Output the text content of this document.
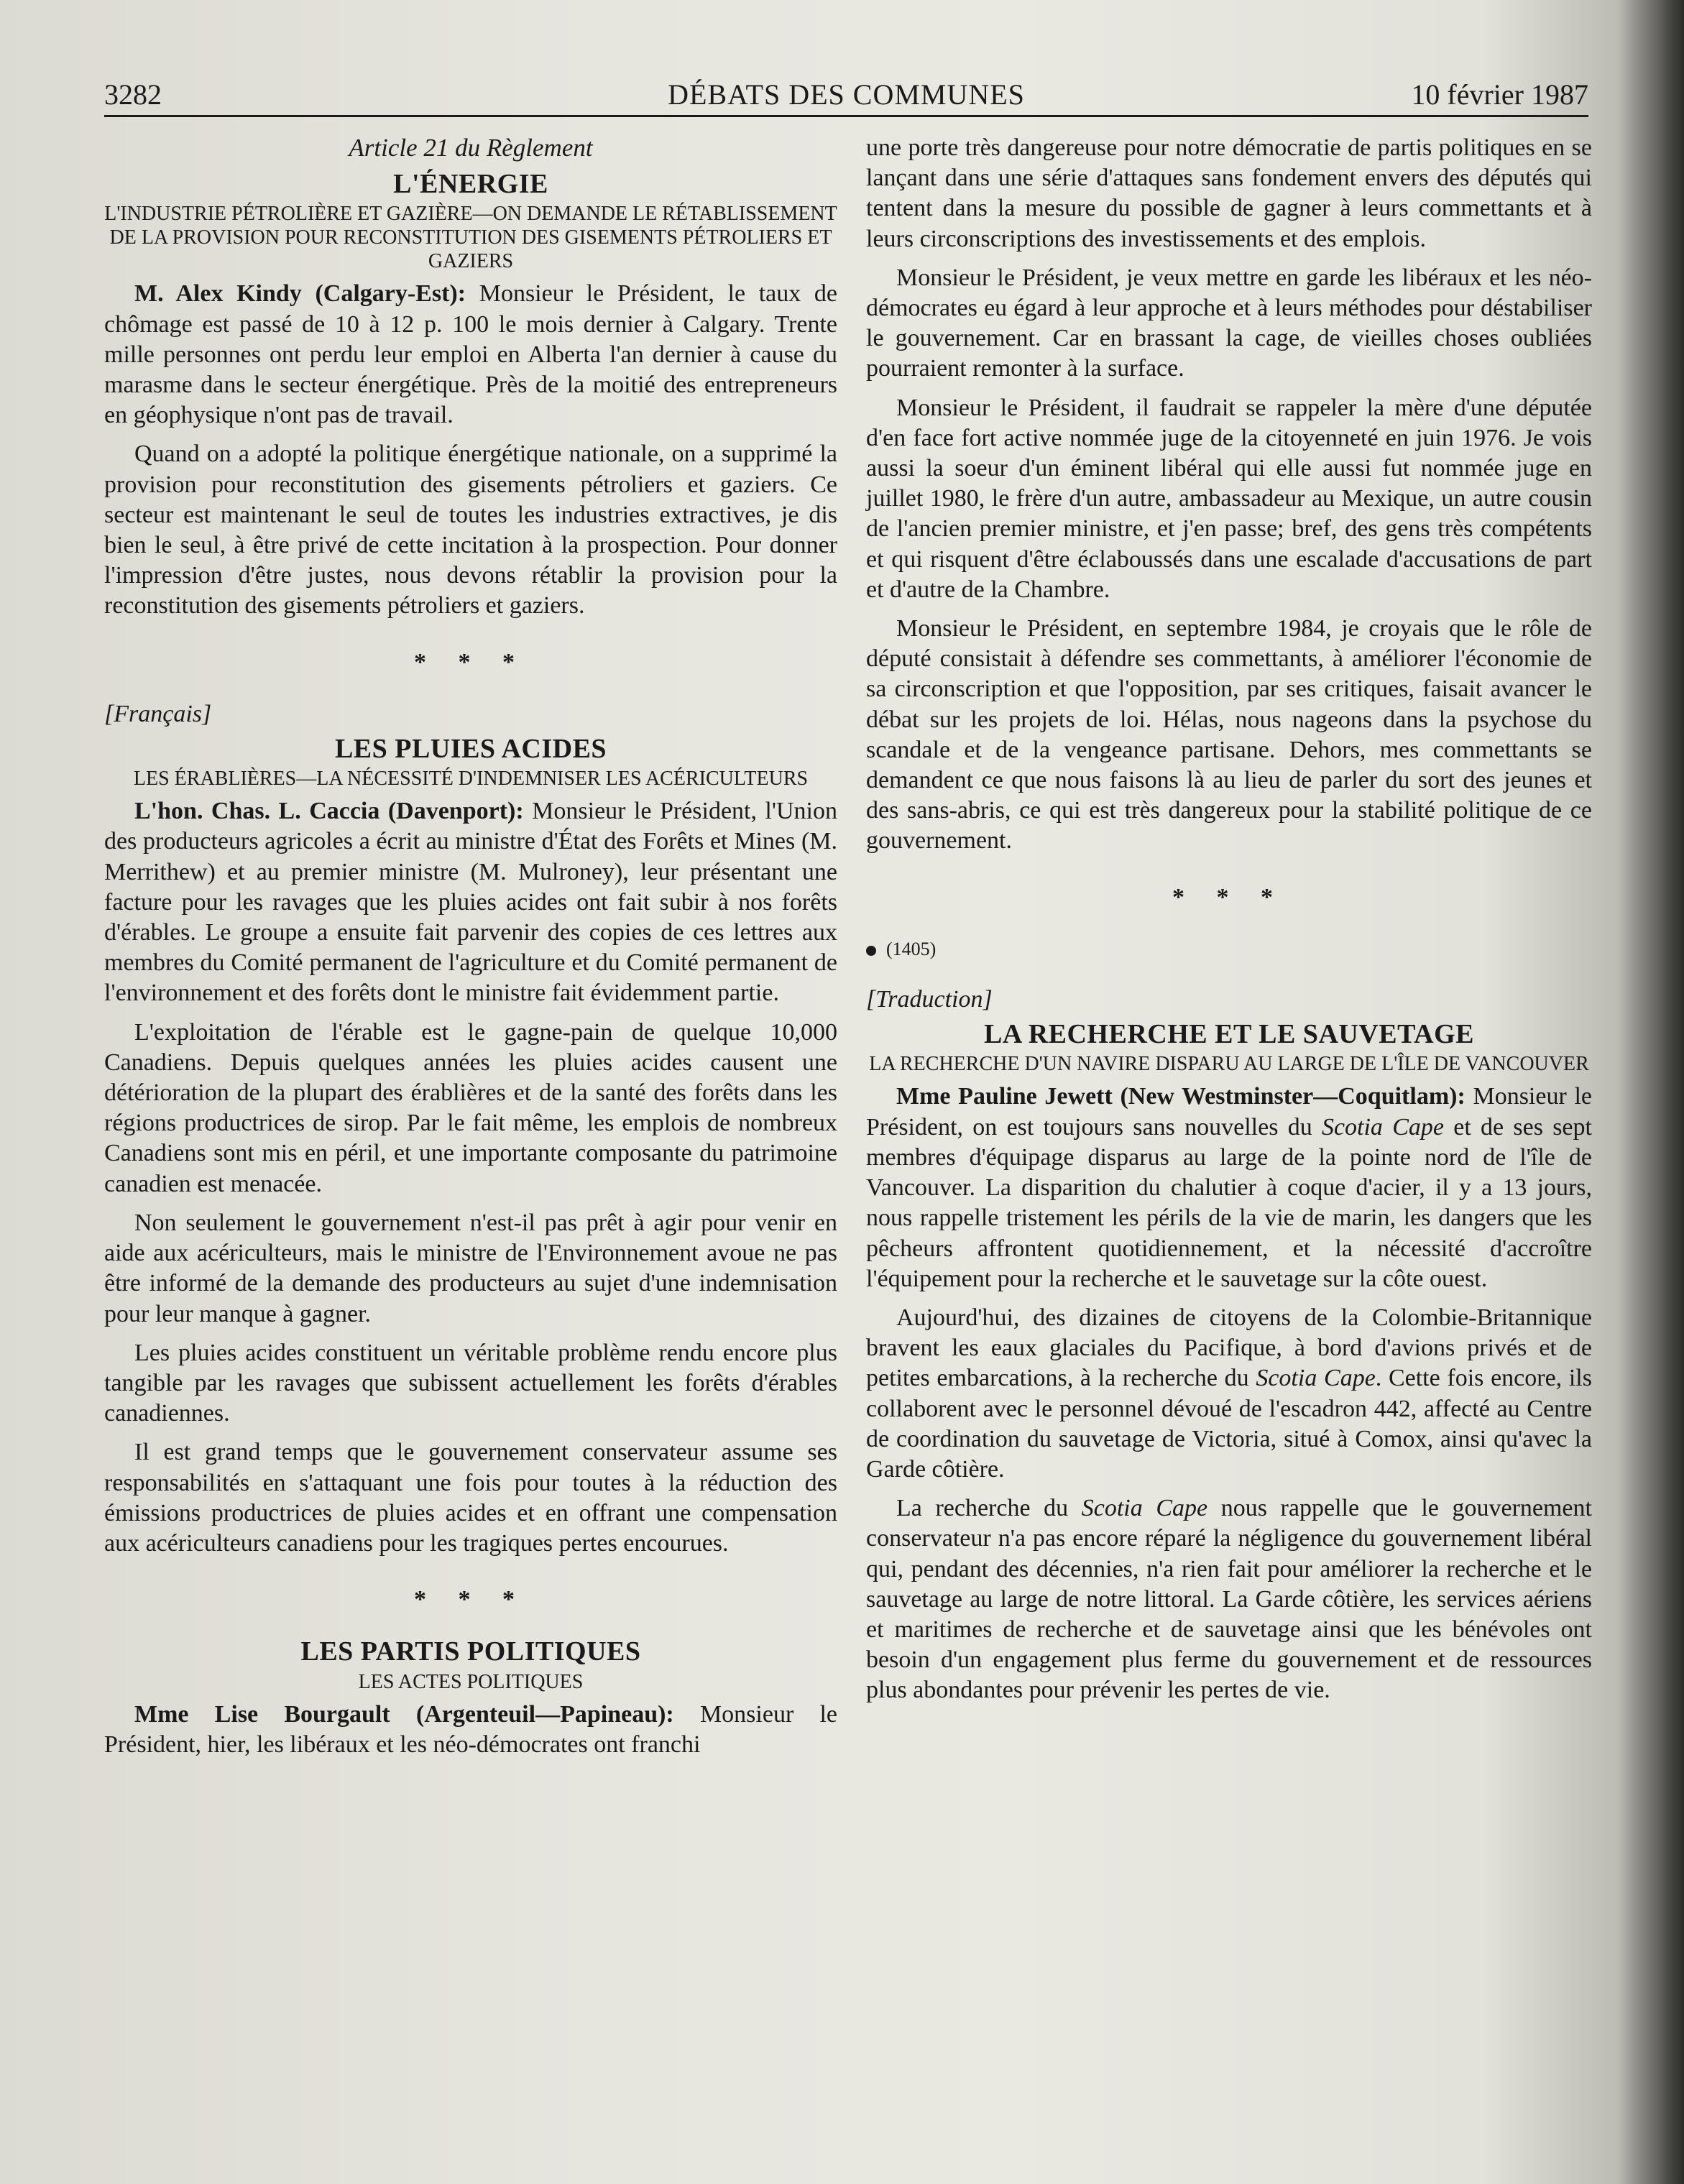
3282	DÉBATS DES COMMUNES	10 février 1987
Article 21 du Règlement
L'ÉNERGIE
L'INDUSTRIE PÉTROLIÈRE ET GAZIÈRE—ON DEMANDE LE RÉTABLISSEMENT DE LA PROVISION POUR RECONSTITUTION DES GISEMENTS PÉTROLIERS ET GAZIERS

M. Alex Kindy (Calgary-Est): Monsieur le Président, le taux de chômage est passé de 10 à 12 p. 100 le mois dernier à Calgary. Trente mille personnes ont perdu leur emploi en Alberta l'an dernier à cause du marasme dans le secteur énergétique. Près de la moitié des entrepreneurs en géophysique n'ont pas de travail.

Quand on a adopté la politique énergétique nationale, on a supprimé la provision pour reconstitution des gisements pétroliers et gaziers. Ce secteur est maintenant le seul de toutes les industries extractives, je dis bien le seul, à être privé de cette incitation à la prospection. Pour donner l'impression d'être justes, nous devons rétablir la provision pour la reconstitution des gisements pétroliers et gaziers.

* * *
[Français]
LES PLUIES ACIDES
LES ÉRABLIÈRES—LA NÉCESSITÉ D'INDEMNISER LES ACÉRICULTEURS

L'hon. Chas. L. Caccia (Davenport): Monsieur le Président, l'Union des producteurs agricoles a écrit au ministre d'État des Forêts et Mines (M. Merrithew) et au premier ministre (M. Mulroney), leur présentant une facture pour les ravages que les pluies acides ont fait subir à nos forêts d'érables. Le groupe a ensuite fait parvenir des copies de ces lettres aux membres du Comité permanent de l'agriculture et du Comité permanent de l'environnement et des forêts dont le ministre fait évidemment partie.

L'exploitation de l'érable est le gagne-pain de quelque 10,000 Canadiens. Depuis quelques années les pluies acides causent une détérioration de la plupart des érablières et de la santé des forêts dans les régions productrices de sirop. Par le fait même, les emplois de nombreux Canadiens sont mis en péril, et une importante composante du patrimoine canadien est menacée.

Non seulement le gouvernement n'est-il pas prêt à agir pour venir en aide aux acériculteurs, mais le ministre de l'Environnement avoue ne pas être informé de la demande des producteurs au sujet d'une indemnisation pour leur manque à gagner.

Les pluies acides constituent un véritable problème rendu encore plus tangible par les ravages que subissent actuellement les forêts d'érables canadiennes.

Il est grand temps que le gouvernement conservateur assume ses responsabilités en s'attaquant une fois pour toutes à la réduction des émissions productrices de pluies acides et en offrant une compensation aux acériculteurs canadiens pour les tragiques pertes encourues.

* * *
LES PARTIS POLITIQUES
LES ACTES POLITIQUES

Mme Lise Bourgault (Argenteuil—Papineau): Monsieur le Président, hier, les libéraux et les néo-démocrates ont franchi

une porte très dangereuse pour notre démocratie de partis politiques en se lançant dans une série d'attaques sans fondement envers des députés qui tentent dans la mesure du possible de gagner à leurs commettants et à leurs circonscriptions des investissements et des emplois.

Monsieur le Président, je veux mettre en garde les libéraux et les néo-démocrates eu égard à leur approche et à leurs méthodes pour déstabiliser le gouvernement. Car en brassant la cage, de vieilles choses oubliées pourraient remonter à la surface.

Monsieur le Président, il faudrait se rappeler la mère d'une députée d'en face fort active nommée juge de la citoyenneté en juin 1976. Je vois aussi la soeur d'un éminent libéral qui elle aussi fut nommée juge en juillet 1980, le frère d'un autre, ambassadeur au Mexique, un autre cousin de l'ancien premier ministre, et j'en passe; bref, des gens très compétents et qui risquent d'être éclaboussés dans une escalade d'accusations de part et d'autre de la Chambre.

Monsieur le Président, en septembre 1984, je croyais que le rôle de député consistait à défendre ses commettants, à améliorer l'économie de sa circonscription et que l'opposition, par ses critiques, faisait avancer le débat sur les projets de loi. Hélas, nous nageons dans la psychose du scandale et de la vengeance partisane. Dehors, mes commettants se demandent ce que nous faisons là au lieu de parler du sort des jeunes et des sans-abris, ce qui est très dangereux pour la stabilité politique de ce gouvernement.

* * *
(1405)
[Traduction]
LA RECHERCHE ET LE SAUVETAGE
LA RECHERCHE D'UN NAVIRE DISPARU AU LARGE DE L'ÎLE DE VANCOUVER

Mme Pauline Jewett (New Westminster—Coquitlam): Monsieur le Président, on est toujours sans nouvelles du Scotia Cape et de ses sept membres d'équipage disparus au large de la pointe nord de l'île de Vancouver. La disparition du chalutier à coque d'acier, il y a 13 jours, nous rappelle tristement les périls de la vie de marin, les dangers que les pêcheurs affrontent quotidiennement, et la nécessité d'accroître l'équipement pour la recherche et le sauvetage sur la côte ouest.

Aujourd'hui, des dizaines de citoyens de la Colombie-Britannique bravent les eaux glaciales du Pacifique, à bord d'avions privés et de petites embarcations, à la recherche du Scotia Cape. Cette fois encore, ils collaborent avec le personnel dévoué de l'escadron 442, affecté au Centre de coordination du sauvetage de Victoria, situé à Comox, ainsi qu'avec la Garde côtière.

La recherche du Scotia Cape nous rappelle que le gouvernement conservateur n'a pas encore réparé la négligence du gouvernement libéral qui, pendant des décennies, n'a rien fait pour améliorer la recherche et le sauvetage au large de notre littoral. La Garde côtière, les services aériens et maritimes de recherche et de sauvetage ainsi que les bénévoles ont besoin d'un engagement plus ferme du gouvernement et de ressources plus abondantes pour prévenir les pertes de vie.
